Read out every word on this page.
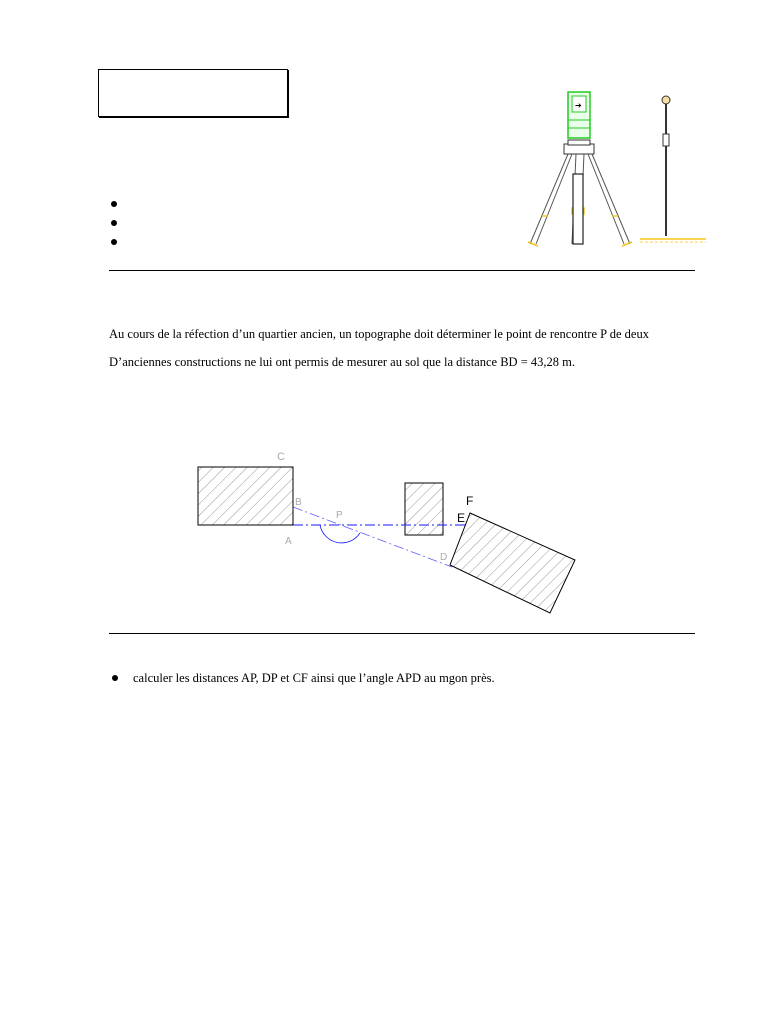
➔
Au cours de la réfection d’un quartier ancien, un topographe doit déterminer le point de rencontre P de deux
D’anciennes constructions ne lui ont permis de mesurer au sol que la distance BD = 43,28 m.
C
B
A
P
D
F
E
calculer les distances AP, DP et CF ainsi que l’angle APD au mgon près.
